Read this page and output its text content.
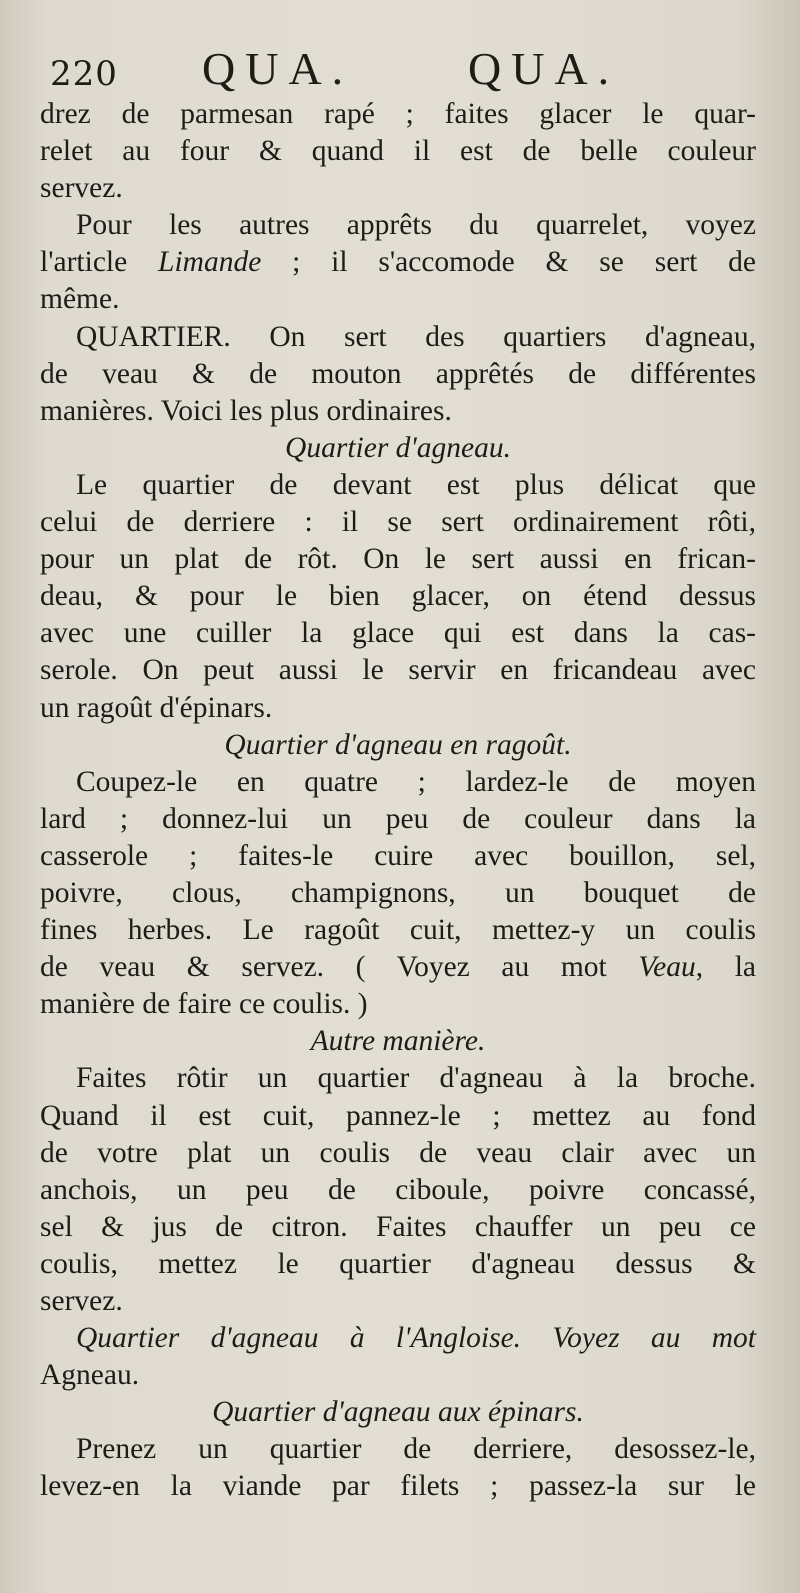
220 QUA. QUA.
drez de parmesan rapé ; faites glacer le quar-
relet au four & quand il est de belle couleur
servez.
Pour les autres apprêts du quarrelet, voyez
l'article Limande ; il s'accomode & se sert de
même.
QUARTIER. On sert des quartiers d'agneau,
de veau & de mouton apprêtés de différentes
manières. Voici les plus ordinaires.
Quartier d'agneau.
Le quartier de devant est plus délicat que
celui de derriere : il se sert ordinairement rôti,
pour un plat de rôt. On le sert aussi en frican-
deau, & pour le bien glacer, on étend dessus
avec une cuiller la glace qui est dans la cas-
serole. On peut aussi le servir en fricandeau avec
un ragoût d'épinars.
Quartier d'agneau en ragoût.
Coupez-le en quatre ; lardez-le de moyen
lard ; donnez-lui un peu de couleur dans la
casserole ; faites-le cuire avec bouillon, sel,
poivre, clous, champignons, un bouquet de
fines herbes. Le ragoût cuit, mettez-y un coulis
de veau & servez. ( Voyez au mot Veau, la
manière de faire ce coulis. )
Autre manière.
Faites rôtir un quartier d'agneau à la broche.
Quand il est cuit, pannez-le ; mettez au fond
de votre plat un coulis de veau clair avec un
anchois, un peu de ciboule, poivre concassé,
sel & jus de citron. Faites chauffer un peu ce
coulis, mettez le quartier d'agneau dessus &
servez.
Quartier d'agneau à l'Angloise. Voyez au mot
Agneau.
Quartier d'agneau aux épinars.
Prenez un quartier de derriere, desossez-le,
levez-en la viande par filets ; passez-la sur le
